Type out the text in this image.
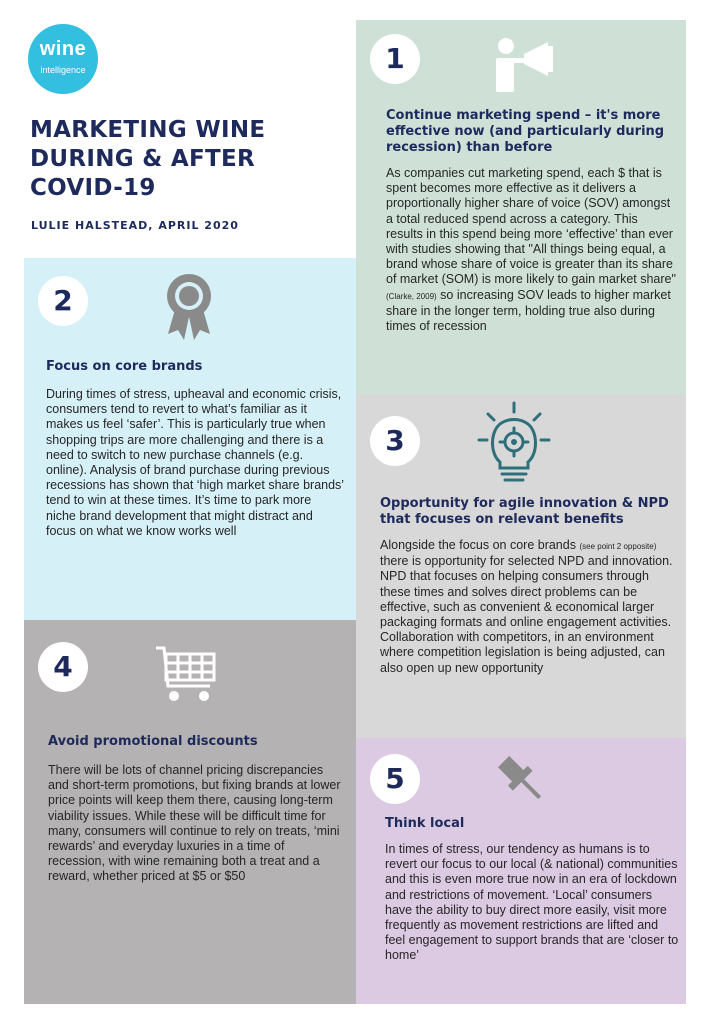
wine
intelligence
MARKETING WINE DURING & AFTER COVID-19
LULIE HALSTEAD, APRIL 2020
1
Continue marketing spend – it's more effective now (and particularly during recession) than before
As companies cut marketing spend, each $ that is spent becomes more effective as it delivers a proportionally higher share of voice (SOV) amongst a total reduced spend across a category. This results in this spend being more ‘effective’ than ever with studies showing that "All things being equal, a brand whose share of voice is greater than its share of market (SOM) is more likely to gain market share" (Clarke, 2009) so increasing SOV leads to higher market share in the longer term, holding true also during times of recession
2
Focus on core brands
During times of stress, upheaval and economic crisis, consumers tend to revert to what’s familiar as it makes us feel ‘safer’. This is particularly true when shopping trips are more challenging and there is a need to switch to new purchase channels (e.g. online). Analysis of brand purchase during previous recessions has shown that ‘high market share brands’ tend to win at these times. It’s time to park more niche brand development that might distract and focus on what we know works well
3
Opportunity for agile innovation & NPD that focuses on relevant benefits
Alongside the focus on core brands (see point 2 opposite) there is opportunity for selected NPD and innovation. NPD that focuses on helping consumers through these times and solves direct problems can be effective, such as convenient & economical larger packaging formats and online engagement activities. Collaboration with competitors, in an environment where competition legislation is being adjusted, can also open up new opportunity
4
Avoid promotional discounts
There will be lots of channel pricing discrepancies and short-term promotions, but fixing brands at lower price points will keep them there, causing long-term viability issues. While these will be difficult time for many, consumers will continue to rely on treats, ‘mini rewards’ and everyday luxuries in a time of recession, with wine remaining both a treat and a reward, whether priced at $5 or $50
5
Think local
In times of stress, our tendency as humans is to revert our focus to our local (& national) communities and this is even more true now in an era of lockdown and restrictions of movement. ‘Local’ consumers have the ability to buy direct more easily, visit more frequently as movement restrictions are lifted and feel engagement to support brands that are ‘closer to home’
